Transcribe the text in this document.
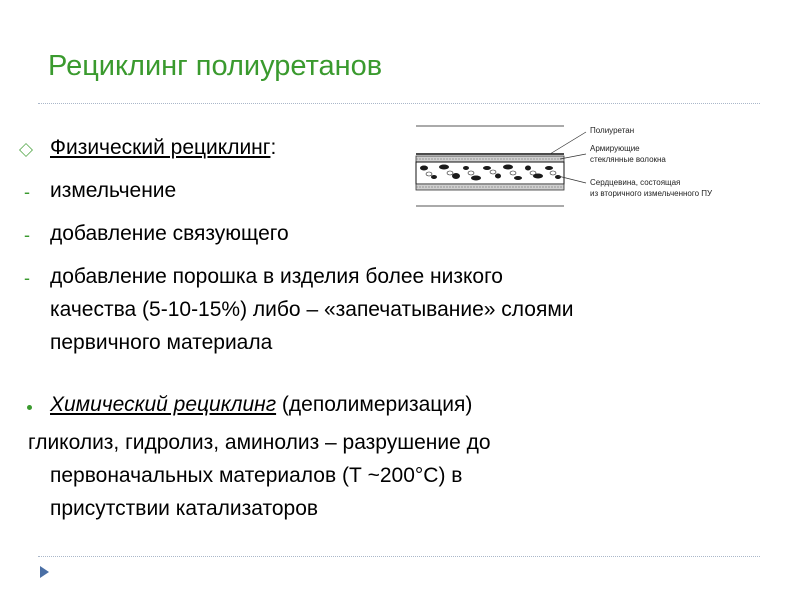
Рециклинг полиуретанов
Физический рециклинг:
- измельчение
- добавление связующего
- добавление порошка в изделия более низкого
качества (5-10-15%) либо – «запечатывание» слоями
первичного материала
Химический рециклинг (деполимеризация)
гликолиз, гидролиз, аминолиз – разрушение до
первоначальных материалов (Т ~200°С) в
присутствии катализаторов
Полиуретан
Армирующие
стеклянные волокна
Сердцевина, состоящая
из вторичного измельченного ПУ
